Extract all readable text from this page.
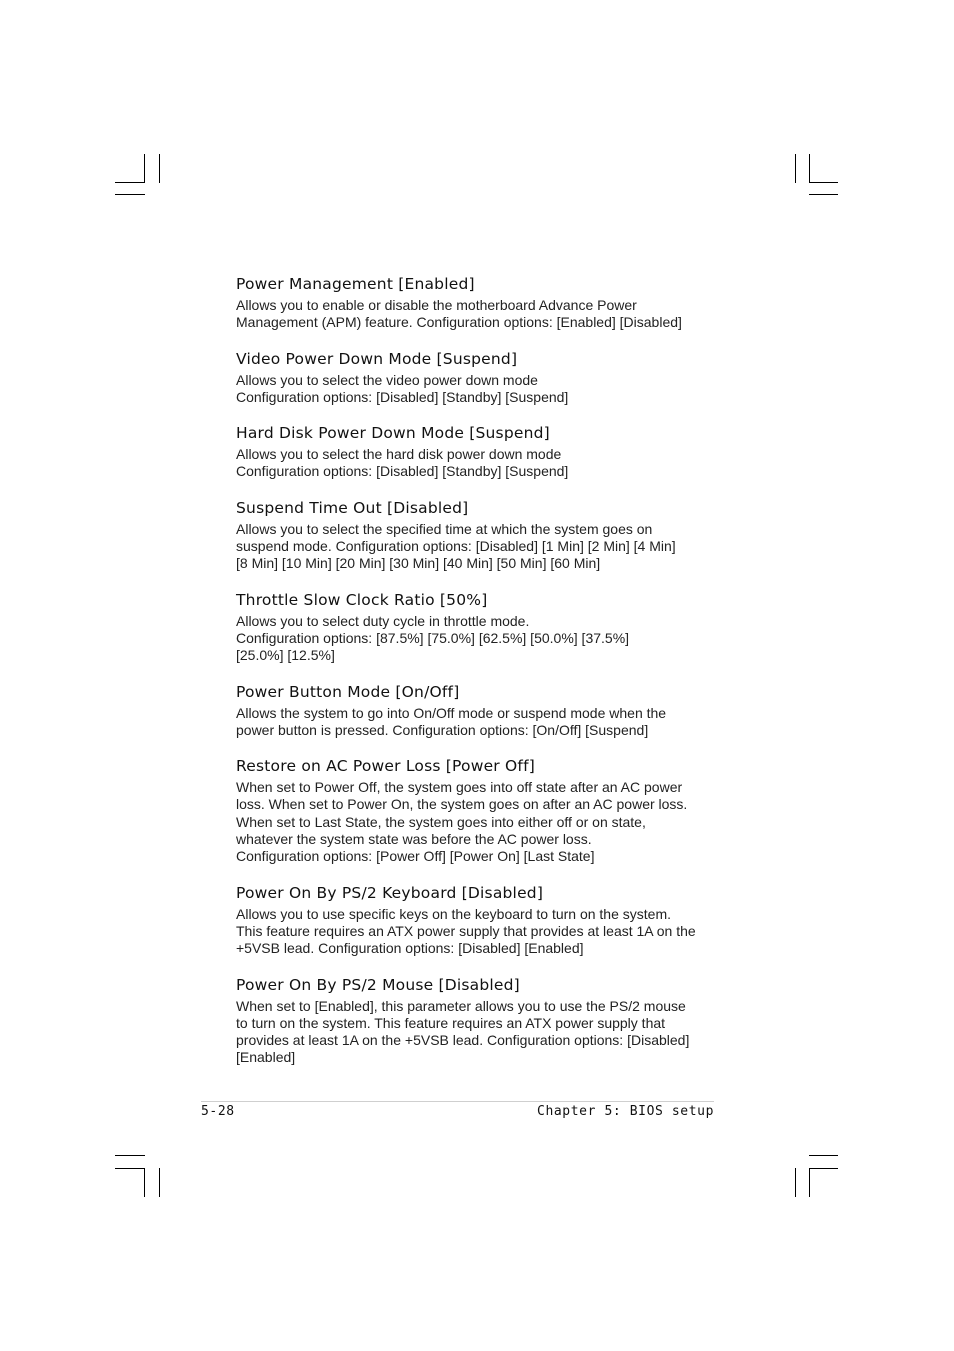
Power Management [Enabled]

Allows you to enable or disable the motherboard Advance Power
Management (APM) feature. Configuration options: [Enabled] [Disabled]

Video Power Down Mode [Suspend]

Allows you to select the video power down mode
Configuration options: [Disabled] [Standby] [Suspend]

Hard Disk Power Down Mode [Suspend]

Allows you to select the hard disk power down mode
Configuration options: [Disabled] [Standby] [Suspend]

Suspend Time Out [Disabled]

Allows you to select the specified time at which the system goes on
suspend mode. Configuration options: [Disabled] [1 Min] [2 Min] [4 Min]
[8 Min] [10 Min] [20 Min] [30 Min] [40 Min] [50 Min] [60 Min]

Throttle Slow Clock Ratio [50%]

Allows you to select duty cycle in throttle mode.
Configuration options: [87.5%] [75.0%] [62.5%] [50.0%] [37.5%]
[25.0%] [12.5%]

Power Button Mode [On/Off]

Allows the system to go into On/Off mode or suspend mode when the
power button is pressed. Configuration options: [On/Off] [Suspend]

Restore on AC Power Loss [Power Off]

When set to Power Off, the system goes into off state after an AC power
loss. When set to Power On, the system goes on after an AC power loss.
When set to Last State, the system goes into either off or on state,
whatever the system state was before the AC power loss.
Configuration options: [Power Off] [Power On] [Last State]

Power On By PS/2 Keyboard [Disabled]

Allows you to use specific keys on the keyboard to turn on the system.
This feature requires an ATX power supply that provides at least 1A on the
+5VSB lead. Configuration options: [Disabled] [Enabled]

Power On By PS/2 Mouse [Disabled]

When set to [Enabled], this parameter allows you to use the PS/2 mouse
to turn on the system. This feature requires an ATX power supply that
provides at least 1A on the +5VSB lead. Configuration options: [Disabled]
[Enabled]

5-28	Chapter 5: BIOS setup
